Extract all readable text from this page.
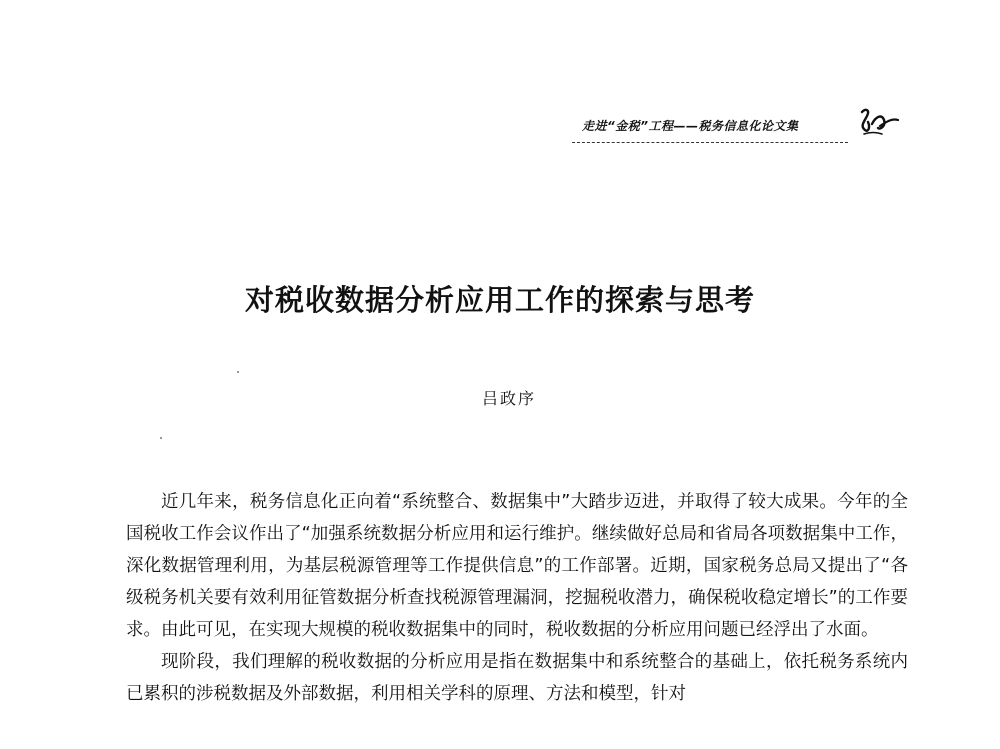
走进“金税”工程——税务信息化论文集
对税收数据分析应用工作的探索与思考
吕政序

近几年来，税务信息化正向着“系统整合、数据集中”大踏步迈进，并取得了较大成果。今年的全国税收工作会议作出了“加强系统数据分析应用和运行维护。继续做好总局和省局各项数据集中工作，深化数据管理利用，为基层税源管理等工作提供信息”的工作部署。近期，国家税务总局又提出了“各级税务机关要有效利用征管数据分析查找税源管理漏洞，挖掘税收潜力，确保税收稳定增长”的工作要求。由此可见，在实现大规模的税收数据集中的同时，税收数据的分析应用问题已经浮出了水面。

现阶段，我们理解的税收数据的分析应用是指在数据集中和系统整合的基础上，依托税务系统内已累积的涉税数据及外部数据，利用相关学科的原理、方法和模型，针对
